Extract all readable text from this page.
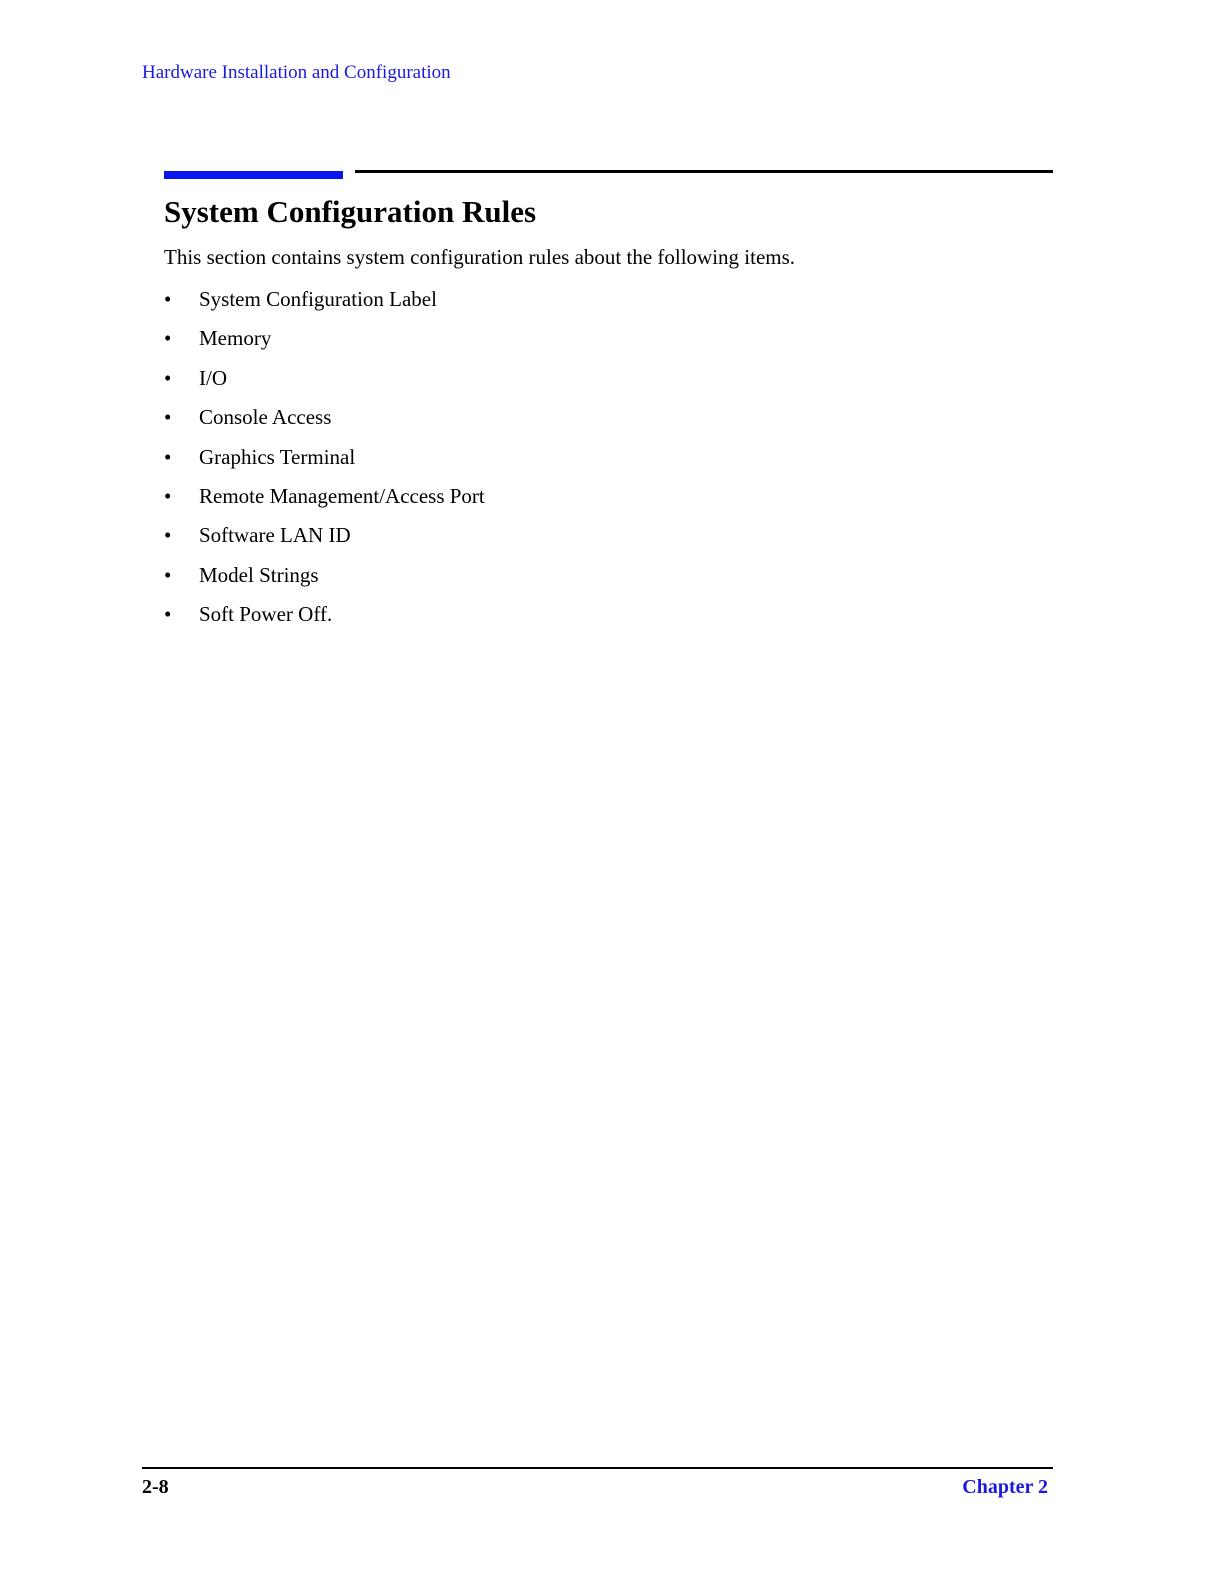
Hardware Installation and Configuration
System Configuration Rules

This section contains system configuration rules about the following items.

• System Configuration Label
• Memory
• I/O
• Console Access
• Graphics Terminal
• Remote Management/Access Port
• Software LAN ID
• Model Strings
• Soft Power Off.
2-8	Chapter 2
